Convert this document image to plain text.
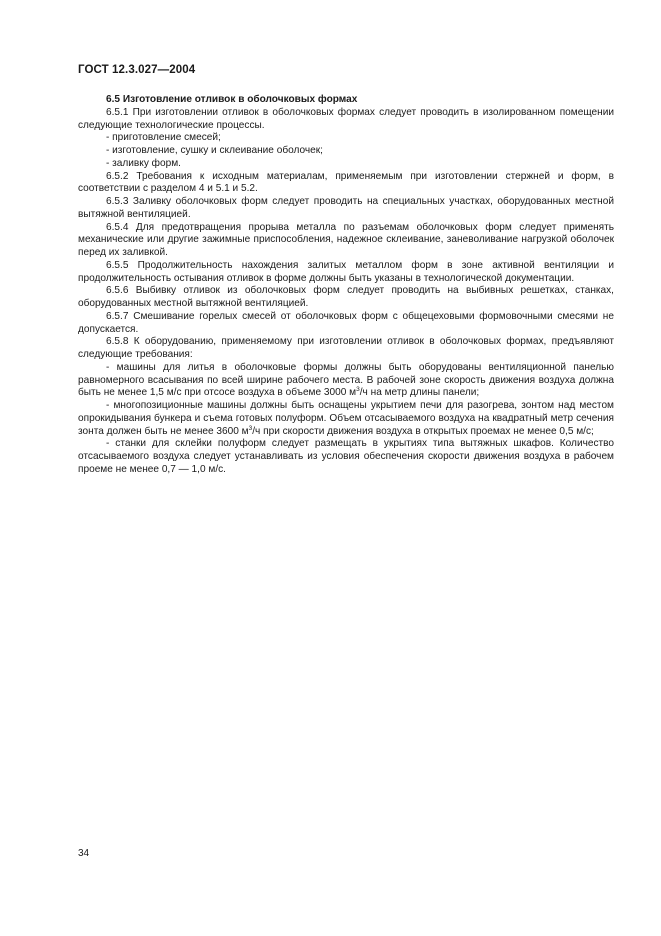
ГОСТ 12.3.027—2004

6.5 Изготовление отливок в оболочковых формах

6.5.1 При изготовлении отливок в оболочковых формах следует проводить в изолированном помещении следующие технологические процессы.

- приготовление смесей;

- изготовление, сушку и склеивание оболочек;

- заливку форм.

6.5.2 Требования к исходным материалам, применяемым при изготовлении стержней и форм, в соответствии с разделом 4 и 5.1 и 5.2.

6.5.3 Заливку оболочковых форм следует проводить на специальных участках, оборудованных местной вытяжной вентиляцией.

6.5.4 Для предотвращения прорыва металла по разъемам оболочковых форм следует применять механические или другие зажимные приспособления, надежное склеивание, заневоливание нагрузкой оболочек перед их заливкой.

6.5.5 Продолжительность нахождения залитых металлом форм в зоне активной вентиляции и продолжительность остывания отливок в форме должны быть указаны в технологической документации.

6.5.6 Выбивку отливок из оболочковых форм следует проводить на выбивных решетках, станках, оборудованных местной вытяжной вентиляцией.

6.5.7 Смешивание горелых смесей от оболочковых форм с общецеховыми формовочными смесями не допускается.

6.5.8 К оборудованию, применяемому при изготовлении отливок в оболочковых формах, предъявляют следующие требования:

- машины для литья в оболочковые формы должны быть оборудованы вентиляционной панелью равномерного всасывания по всей ширине рабочего места. В рабочей зоне скорость движения воздуха должна быть не менее 1,5 м/с при отсосе воздуха в объеме 3000 $м^3/ч$ на метр длины панели;

- многопозиционные машины должны быть оснащены укрытием печи для разогрева, зонтом над местом опрокидывания бункера и съема готовых полуформ. Объем отсасываемого воздуха на квадратный метр сечения зонта должен быть не менее 3600 $м^3/ч$ при скорости движения воздуха в открытых проемах не менее 0,5 м/с;

- станки для склейки полуформ следует размещать в укрытиях типа вытяжных шкафов. Количество отсасываемого воздуха следует устанавливать из условия обеспечения скорости движения воздуха в рабочем проеме не менее 0,7 — 1,0 м/с.

34
